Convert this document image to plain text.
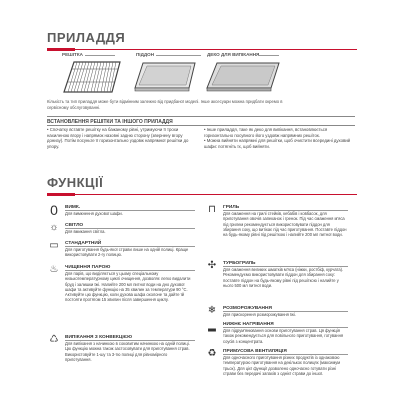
ПРИЛАДДЯ
РЕШІТКА	ПІДДОН	ДЕКО ДЛЯ ВИПІКАННЯ
Кількість та тип приладдя може бути відмінним залежно від придбаної моделі. Інше аксесуари можна придбати окремо в сервісному обслуговуванні.
ВСТАНОВЛЕННЯ РЕШІТКИ ТА ІНШОГО ПРИЛАДДЯ
• Спочатку вставте решітку на бажаному рівні, утримуючи її трохи нахиленою вгору і напрямок назовні задню сторону (звернену вгору донизу). Потім посуньте її горизонтально уздовж напрямної решітки до упору.
• Інше приладдя, таке як деко для випікання, встановлюється горизонтально посувного його уздовж напрямних решіток.
• Можна вийняти напрямні для решітки, щоб очистити всередині духовий шафи: потягніть їх, щоб вийняти.
ФУНКЦІЇ
0	ВИМК.
Для вимкнення духової шафи.
☼	СВІТЛО
Для вмикання світла.
▭	СТАНДАРТНИЙ
Для приготування будь-якої страви лише на одній полиці. Краще використовувати 2-гу полицю.
♨	ЧИЩЕННЯ ПАРОЮ
Для парів, що виділяється у цьому спеціальному низькотемпературному циклі очищення, дозволяє легко видалити бруд і залишки їжі. Налийте 200 мл питної води на дно духової шафи та активуйте функцію на 35 хвилин за температури 90 °C. Активуйте цю функцію, коли духова шафа охолоне та дайте їй постояти протягом 15 хвилин після завершення циклу.
♺	ВИПІКАННЯ З КОНВЕКЦІЄЮ
Для випікання з начинкою в соковитим начинкою на одній полиці. Цю функцію можна також застосовувати для приготування страв. Використовуйте 1-шу та 3-тю полиці для рівномірного приготування.
⊓	ГРИЛЬ
Для смаження на грилі стейків, кебабів і ковбасок, для приготування овочів запеканок і гренок. Під час смаження м'яса під грилем рекомендується використовувати піддон для збирання соку, що витікає під час приготування. Поставте піддон на будь-якому рівні під решіткою і налийте 200 мл питної води.
✣	ТУРБОГРИЛЬ
Для смаження великих шматків м'яса (ніжки, ростбіф, курчата). Рекомендуємо використовувати піддон для збирання соку: поставте піддон на будь-якому рівні під решіткою і налийте у нього 500 мл питної води.
❄	РОЗМОРОЖУВАННЯ
Для прискорення розморожування їжі.
▂	НИЖНЄ НАГРІВАННЯ
Для підрум'янювання основи приготування страв. Ця функція також рекомендується для повільного приготування, готування соусів з концентрата.
♻	ПРИМУСОВА ВЕНТИЛЯЦІЯ
Для одночасного приготування різних продуктів із однаковою температурою приготування на декількох полицях (максимум трьох). Для цієї функції дозволено одночасно готувати різні страви без передачі запахів з однієї страви до іншої.
